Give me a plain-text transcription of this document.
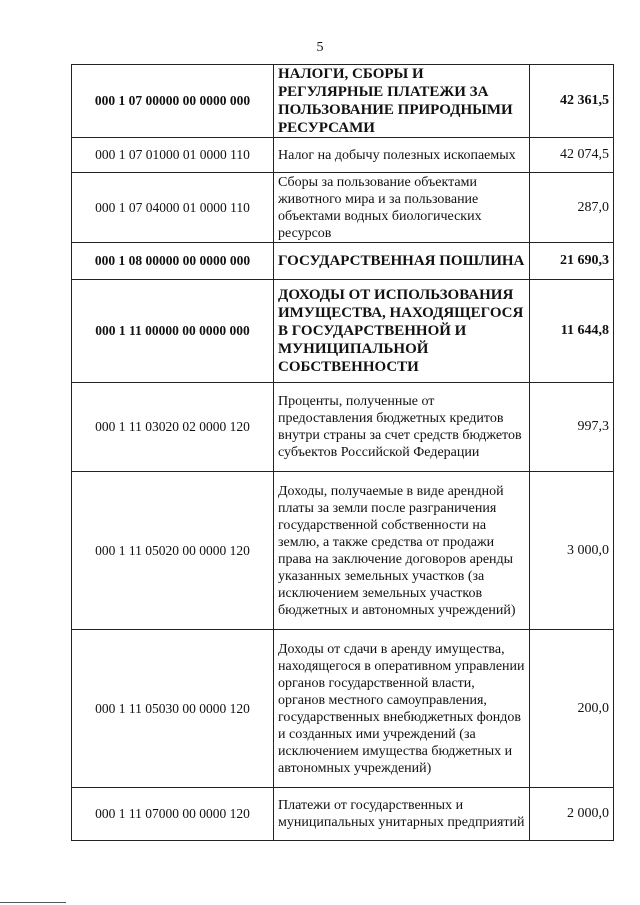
5
000 1 07 00000 00 0000 000	НАЛОГИ, СБОРЫ И РЕГУЛЯРНЫЕ ПЛАТЕЖИ ЗА ПОЛЬЗОВАНИЕ ПРИРОДНЫМИ РЕСУРСАМИ	42 361,5
000 1 07 01000 01 0000 110	Налог на добычу полезных ископаемых	42 074,5
000 1 07 04000 01 0000 110	Сборы за пользование объектами животного мира и за пользование объектами водных биологических ресурсов	287,0
000 1 08 00000 00 0000 000	ГОСУДАРСТВЕННАЯ ПОШЛИНА	21 690,3
000 1 11 00000 00 0000 000	ДОХОДЫ ОТ ИСПОЛЬЗОВАНИЯ ИМУЩЕСТВА, НАХОДЯЩЕГОСЯ В ГОСУДАРСТВЕННОЙ И МУНИЦИПАЛЬНОЙ СОБСТВЕННОСТИ	11 644,8
000 1 11 03020 02 0000 120	Проценты, полученные от предоставления бюджетных кредитов внутри страны за счет средств бюджетов субъектов Российской Федерации	997,3
000 1 11 05020 00 0000 120	Доходы, получаемые в виде арендной платы за земли после разграничения государственной собственности на землю, а также средства от продажи права на заключение договоров аренды указанных земельных участков (за исключением земельных участков бюджетных и автономных учреждений)	3 000,0
000 1 11 05030 00 0000 120	Доходы от сдачи в аренду имущества, находящегося в оперативном управлении органов государственной власти, органов местного самоуправления, государственных внебюджетных фондов и созданных ими учреждений (за исключением имущества бюджетных и автономных учреждений)	200,0
000 1 11 07000 00 0000 120	Платежи от государственных и муниципальных унитарных предприятий	2 000,0
